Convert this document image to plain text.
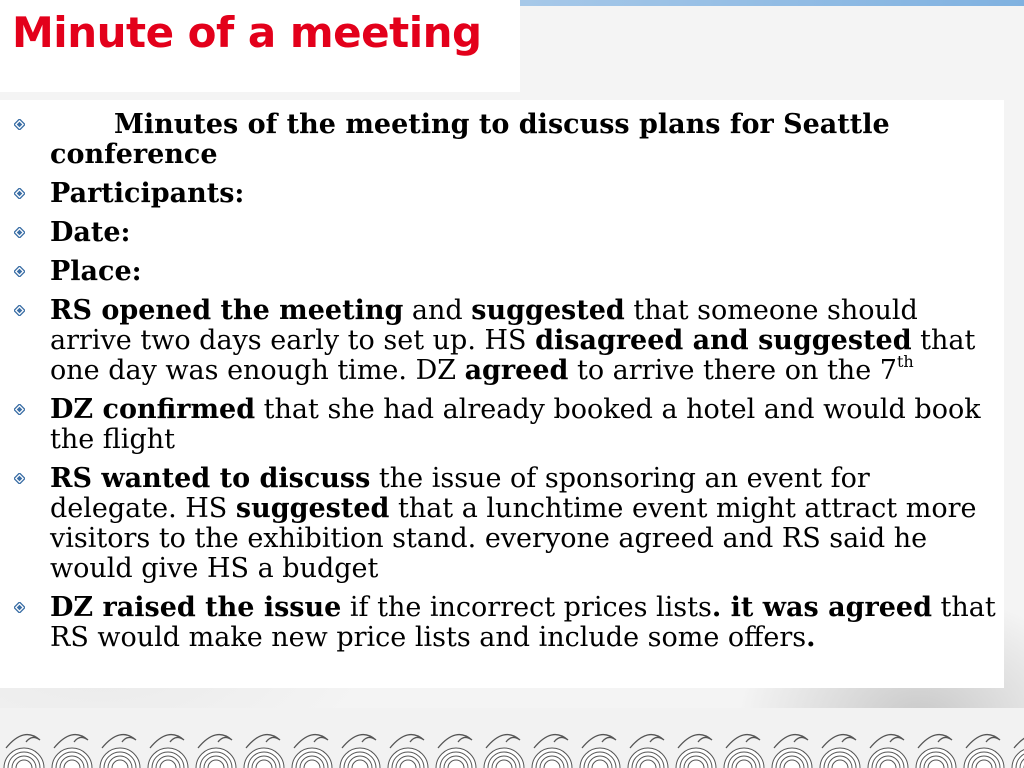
Minute of a meeting
Minutes of the meeting to discuss plans for Seattle conference
Participants:
Date:
Place:
RS opened the meeting and suggested that someone should arrive two days early to set up. HS disagreed and suggested that one day was enough time. DZ agreed to arrive there on the 7th
DZ confirmed that she had already booked a hotel and would book the flight
RS wanted to discuss the issue of sponsoring an event for delegate. HS suggested that a lunchtime event might attract more visitors to the exhibition stand. everyone agreed and RS said he would give HS a budget
DZ raised the issue if the incorrect prices lists. it was agreed that RS would make new price lists and include some offers.
